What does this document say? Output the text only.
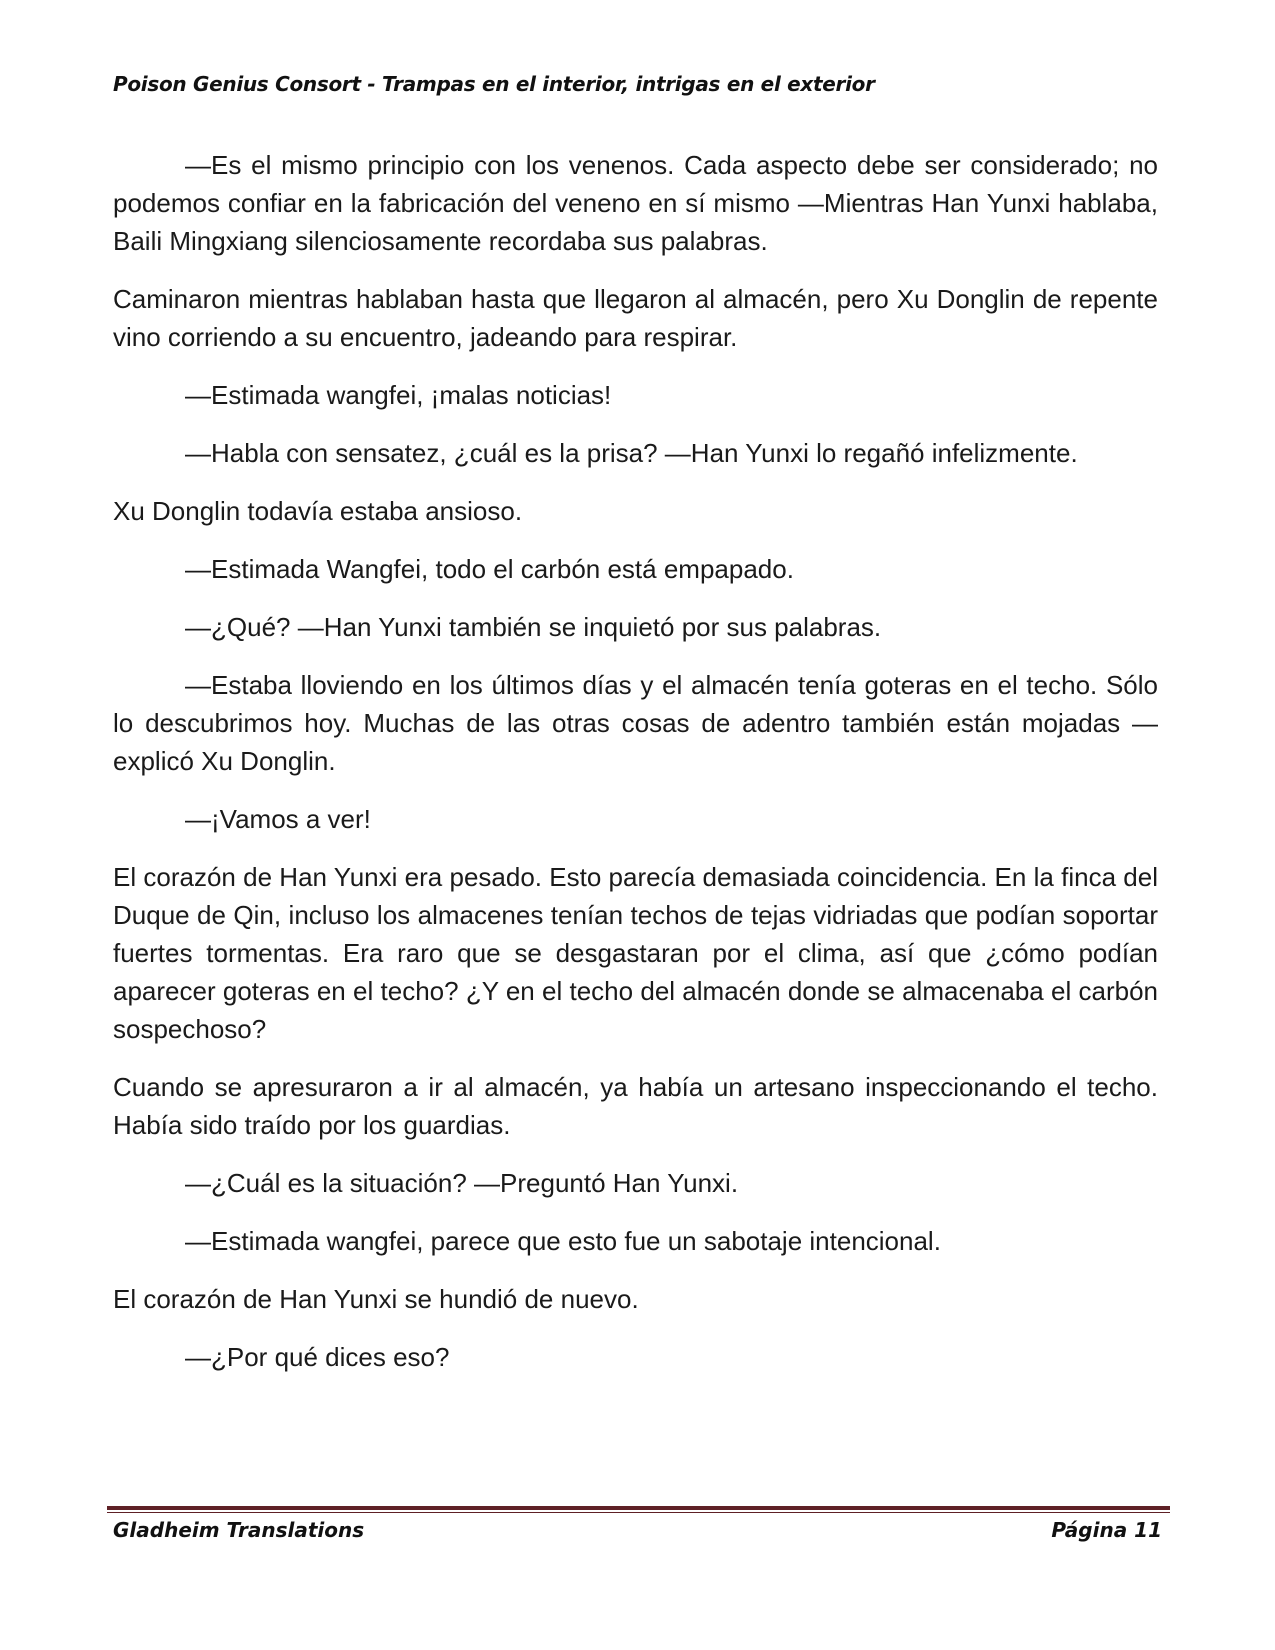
Poison Genius Consort - Trampas en el interior, intrigas en el exterior

—Es el mismo principio con los venenos. Cada aspecto debe ser considerado; no podemos confiar en la fabricación del veneno en sí mismo —Mientras Han Yunxi hablaba, Baili Mingxiang silenciosamente recordaba sus palabras.

Caminaron mientras hablaban hasta que llegaron al almacén, pero Xu Donglin de repente vino corriendo a su encuentro, jadeando para respirar.

—Estimada wangfei, ¡malas noticias!

—Habla con sensatez, ¿cuál es la prisa? —Han Yunxi lo regañó infelizmente.

Xu Donglin todavía estaba ansioso.

—Estimada Wangfei, todo el carbón está empapado.

—¿Qué? —Han Yunxi también se inquietó por sus palabras.

—Estaba lloviendo en los últimos días y el almacén tenía goteras en el techo. Sólo lo descubrimos hoy. Muchas de las otras cosas de adentro también están mojadas —explicó Xu Donglin.

—¡Vamos a ver!

El corazón de Han Yunxi era pesado. Esto parecía demasiada coincidencia. En la finca del Duque de Qin, incluso los almacenes tenían techos de tejas vidriadas que podían soportar fuertes tormentas. Era raro que se desgastaran por el clima, así que ¿cómo podían aparecer goteras en el techo? ¿Y en el techo del almacén donde se almacenaba el carbón sospechoso?

Cuando se apresuraron a ir al almacén, ya había un artesano inspeccionando el techo. Había sido traído por los guardias.

—¿Cuál es la situación? —Preguntó Han Yunxi.

—Estimada wangfei, parece que esto fue un sabotaje intencional.

El corazón de Han Yunxi se hundió de nuevo.

—¿Por qué dices eso?

Gladheim Translations	Página 11
